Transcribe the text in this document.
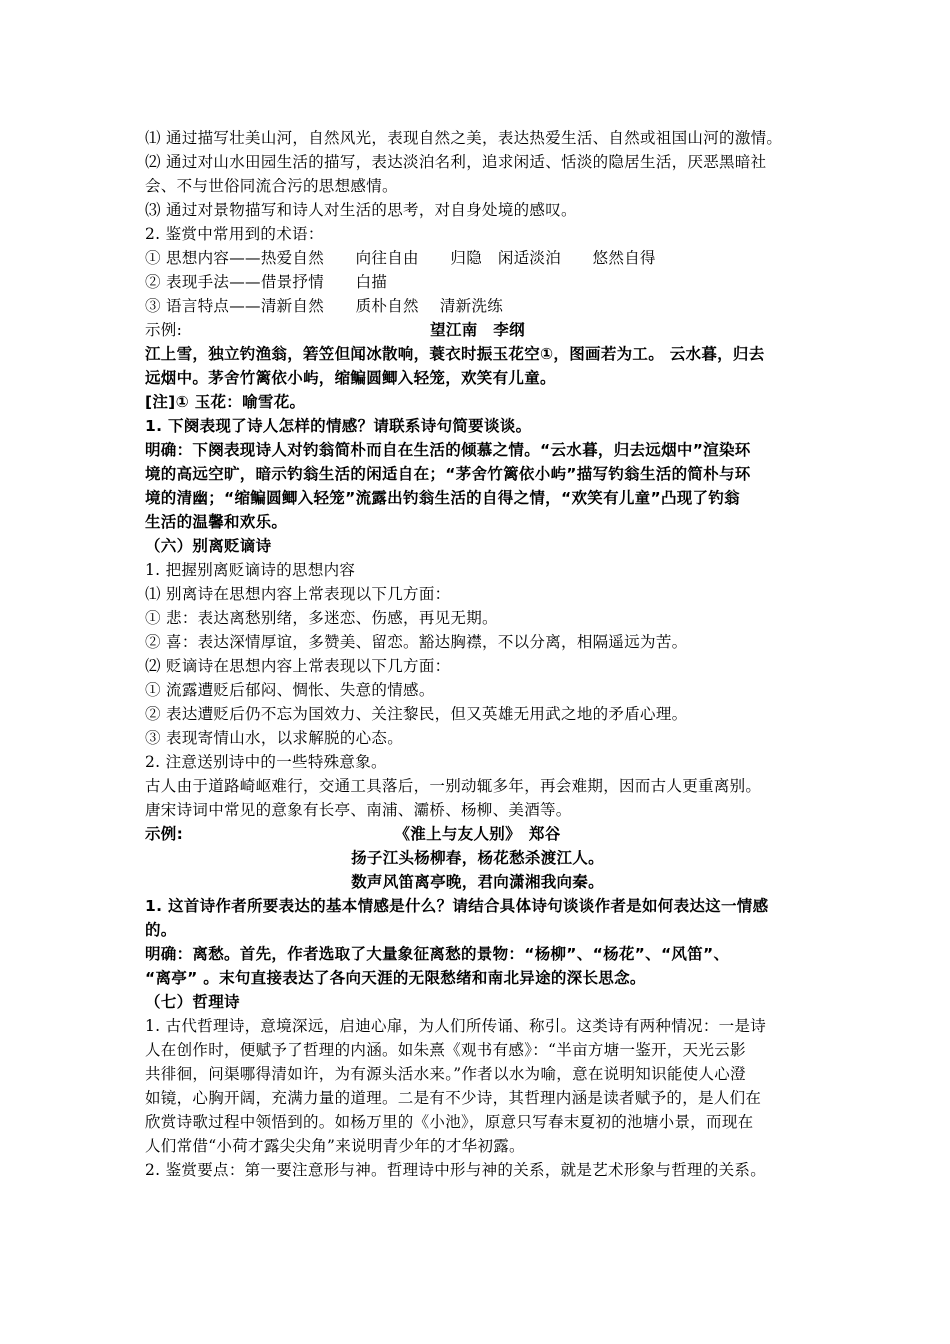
⑴ 通过描写壮美山河，自然风光，表现自然之美，表达热爱生活、自然或祖国山河的激情。
⑵ 通过对山水田园生活的描写，表达淡泊名利，追求闲适、恬淡的隐居生活，厌恶黑暗社
会、不与世俗同流合污的思想感情。
⑶ 通过对景物描写和诗人对生活的思考，对自身处境的感叹。
2. 鉴赏中常用到的术语：
① 思想内容——热爱自然　　向往自由　　归隐　闲适淡泊　　悠然自得
② 表现手法——借景抒情　　白描
③ 语言特点——清新自然　　质朴自然　 清新洗练
示例:	望江南　李纲
江上雪，独立钓渔翁，箬笠但闻冰散响，蓑衣时振玉花空①，图画若为工。 云水暮，归去
远烟中。茅舍竹篱依小屿，缩鳊圆鲫入轻笼，欢笑有儿童。
[注]① 玉花：喻雪花。
1. 下阕表现了诗人怎样的情感？请联系诗句简要谈谈。
明确：下阕表现诗人对钓翁简朴而自在生活的倾慕之情。“云水暮，归去远烟中”渲染环
境的高远空旷，暗示钓翁生活的闲适自在；“茅舍竹篱依小屿”描写钓翁生活的简朴与环
境的清幽；“缩鳊圆鲫入轻笼”流露出钓翁生活的自得之情，“欢笑有儿童”凸现了钓翁
生活的温馨和欢乐。
（六）别离贬谪诗
1. 把握别离贬谪诗的思想内容
⑴ 别离诗在思想内容上常表现以下几方面：
① 悲：表达离愁别绪，多迷恋、伤感，再见无期。
② 喜：表达深情厚谊，多赞美、留恋。豁达胸襟，不以分离，相隔遥远为苦。
⑵ 贬谪诗在思想内容上常表现以下几方面：
① 流露遭贬后郁闷、惆怅、失意的情感。
② 表达遭贬后仍不忘为国效力、关注黎民，但又英雄无用武之地的矛盾心理。
③ 表现寄情山水，以求解脱的心态。
2. 注意送别诗中的一些特殊意象。
古人由于道路崎岖难行，交通工具落后，一别动辄多年，再会难期，因而古人更重离别。
唐宋诗词中常见的意象有长亭、南浦、灞桥、杨柳、美酒等。
示例:	《淮上与友人别》　郑谷
扬子江头杨柳春，杨花愁杀渡江人。
数声风笛离亭晚，君向潇湘我向秦。
1. 这首诗作者所要表达的基本情感是什么？请结合具体诗句谈谈作者是如何表达这一情感
的。
明确：离愁。首先，作者选取了大量象征离愁的景物：“杨柳”、“杨花”、“风笛”、
“离亭” 。末句直接表达了各向天涯的无限愁绪和南北异途的深长思念。
（七）哲理诗
1. 古代哲理诗，意境深远，启迪心扉，为人们所传诵、称引。这类诗有两种情况：一是诗
人在创作时，便赋予了哲理的内涵。如朱熹《观书有感》：“半亩方塘一鉴开，天光云影
共徘徊，问渠哪得清如许，为有源头活水来。”作者以水为喻，意在说明知识能使人心澄
如镜，心胸开阔，充满力量的道理。二是有不少诗，其哲理内涵是读者赋予的，是人们在
欣赏诗歌过程中领悟到的。如杨万里的《小池》，原意只写春末夏初的池塘小景，而现在
人们常借“小荷才露尖尖角”来说明青少年的才华初露。
2. 鉴赏要点：第一要注意形与神。哲理诗中形与神的关系，就是艺术形象与哲理的关系。
